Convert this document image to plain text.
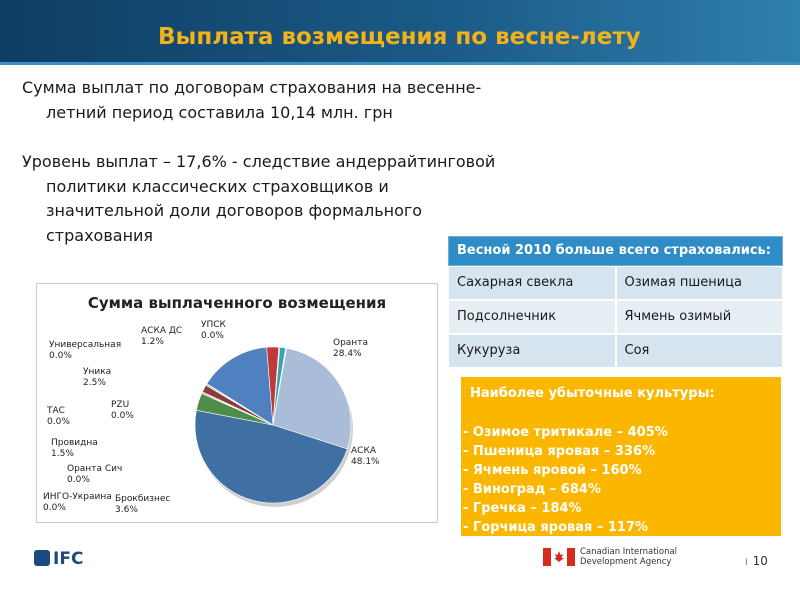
Выплата возмещения по весне-лету
Сумма выплат по договорам страхования на весенне-
летний период составила 10,14 млн. грн
Уровень выплат – 17,6% - следствие андеррайтинговой
политики классических страховщиков и
значительной доли договоров формального
страхования
Весной 2010 больше всего страховались:
Сахарная свекла	Озимая пшеница
Подсолнечник	Ячмень озимый
Кукуруза	Соя
Сумма выплаченного возмещения
Оранта
28.4%
АСКА
48.1%
Брокбизнес
3.6%
ИНГО-Украина
0.0%
Оранта Сич
0.0%
Провидна
1.5%
ТАС
0.0%
PZU
0.0%	УАСК
14.8%
Уника
2.5%
Универсальная
0.0%
АСКА ДС
1.2%
УПСК
0.0%
Наиболее убыточные культуры:
- Озимое тритикале – 405%
- Пшеница яровая – 336%
- Ячмень яровой – 160%
- Виноград – 684%
- Гречка – 184%
- Горчица яровая – 117%
IFC	Canadian International
Development Agency	I 10
